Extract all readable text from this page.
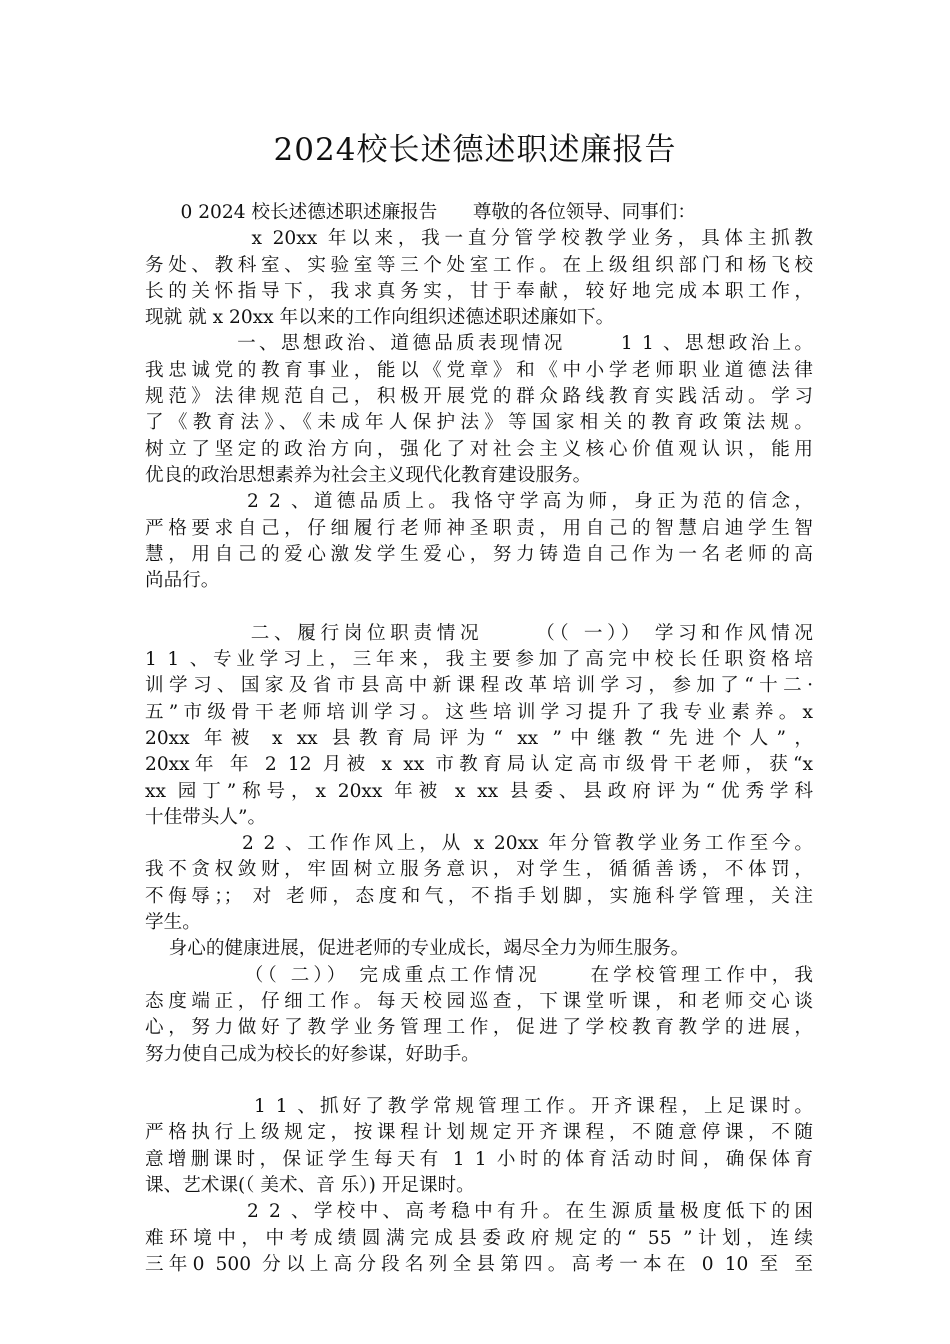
2024校长述德述职述廉报告
0 2024 校长述德述职述廉报告      尊敬的各位领导、同事们：
x 20xx 年以来，我一直分管学校教学业务，具体主抓教
务处、教科室、实验室等三个处室工作。在上级组织部门和杨飞校
长的关怀指导下，我求真务实，甘于奉献，较好地完成本职工作，
现就 就 x 20xx 年以来的工作向组织述德述职述廉如下。
一、思想政治、道德品质表现情况      1 1 、思想政治上。
我忠诚党的教育事业，能以《党章》和《中小学老师职业道德法律
规范》法律规范自己，积极开展党的群众路线教育实践活动。学习
了《教育法》、《未成年人保护法》等国家相关的教育政策法规。
树立了坚定的政治方向，强化了对社会主义核心价值观认识，能用
优良的政治思想素养为社会主义现代化教育建设服务。
2 2 、道德品质上。我恪守学高为师，身正为范的信念，
严格要求自己，仔细履行老师神圣职责，用自己的智慧启迪学生智
慧，用自己的爱心激发学生爱心，努力铸造自己作为一名老师的高
尚品行。
二、履行岗位职责情况     （（ 一）） 学习和作风情况
1 1 、专业学习上，三年来，我主要参加了高完中校长任职资格培
训学习、国家及省市县高中新课程改革培训学习，参加了“十二·
五”市级骨干老师培训学习。这些培训学习提升了我专业素养。x
20xx 年被 x xx 县教育局评为“ xx ”中继教“先进个人”，
20xx年 年 2 12 月被 x xx 市教育局认定高市级骨干老师，获“x
xx 园丁”称号，x 20xx 年被 x xx 县委、县政府评为“优秀学科
十佳带头人”。
2 2 、工作作风上，从 x 20xx 年分管教学业务工作至今。
我不贪权敛财，牢固树立服务意识，对学生，循循善诱，不体罚，
不侮辱；； 对 老师，态度和气，不指手划脚，实施科学管理，关注
学生。
身心的健康进展，促进老师的专业成长，竭尽全力为师生服务。
（（ 二）） 完成重点工作情况     在学校管理工作中，我
态度端正，仔细工作。每天校园巡查，下课堂听课，和老师交心谈
心，努力做好了教学业务管理工作，促进了学校教育教学的进展，
努力使自己成为校长的好参谋，好助手。
1 1 、抓好了教学常规管理工作。开齐课程，上足课时。
严格执行上级规定，按课程计划规定开齐课程，不随意停课，不随
意增删课时，保证学生每天有 1 1 小时的体育活动时间，确保体育
课、艺术课(（ 美术、音 乐）) 开足课时。
2 2 、学校中、高考稳中有升。在生源质量极度低下的困
难环境中，中考成绩圆满完成县委政府规定的“ 55 ”计划，连续
三年0 500 分以上高分段名列全县第四。高考一本在 0 10 至 至
